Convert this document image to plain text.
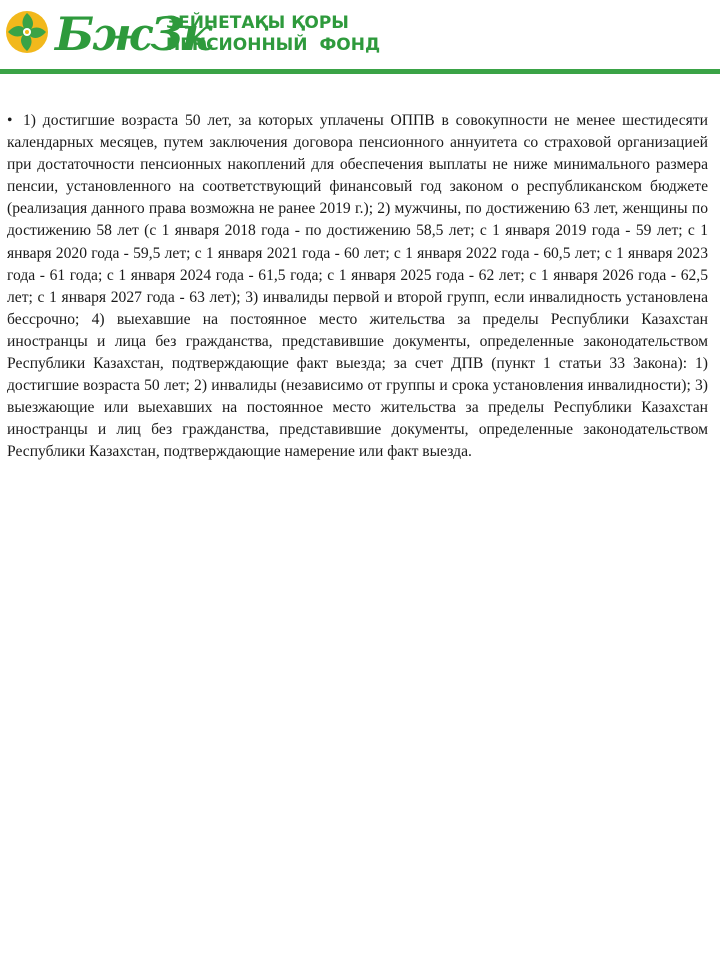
БжЗк
ЗЕЙНЕТАҚЫ ҚОРЫ
ПЕНСИОННЫЙ ФОНД
• 1) достигшие возраста 50 лет, за которых уплачены ОППВ в совокупности не менее шестидесяти календарных месяцев, путем заключения договора пенсионного аннуитета со страховой организацией при достаточности пенсионных накоплений для обеспечения выплаты не ниже минимального размера пенсии, установленного на соответствующий финансовый год законом о республиканском бюджете (реализация данного права возможна не ранее 2019 г.); 2) мужчины, по достижению 63 лет, женщины по достижению 58 лет (с 1 января 2018 года - по достижению 58,5 лет; с 1 января 2019 года - 59 лет; с 1 января 2020 года - 59,5 лет; с 1 января 2021 года - 60 лет; с 1 января 2022 года - 60,5 лет; с 1 января 2023 года - 61 года; с 1 января 2024 года - 61,5 года; с 1 января 2025 года - 62 лет; с 1 января 2026 года - 62,5 лет; с 1 января 2027 года - 63 лет); 3) инвалиды первой и второй групп, если инвалидность установлена бессрочно; 4) выехавшие на постоянное место жительства за пределы Республики Казахстан иностранцы и лица без гражданства, представившие документы, определенные законодательством Республики Казахстан, подтверждающие факт выезда; за счет ДПВ (пункт 1 статьи 33 Закона): 1) достигшие возраста 50 лет; 2) инвалиды (независимо от группы и срока установления инвалидности); 3) выезжающие или выехавших на постоянное место жительства за пределы Республики Казахстан иностранцы и лиц без гражданства, представившие документы, определенные законодательством Республики Казахстан, подтверждающие намерение или факт выезда.
